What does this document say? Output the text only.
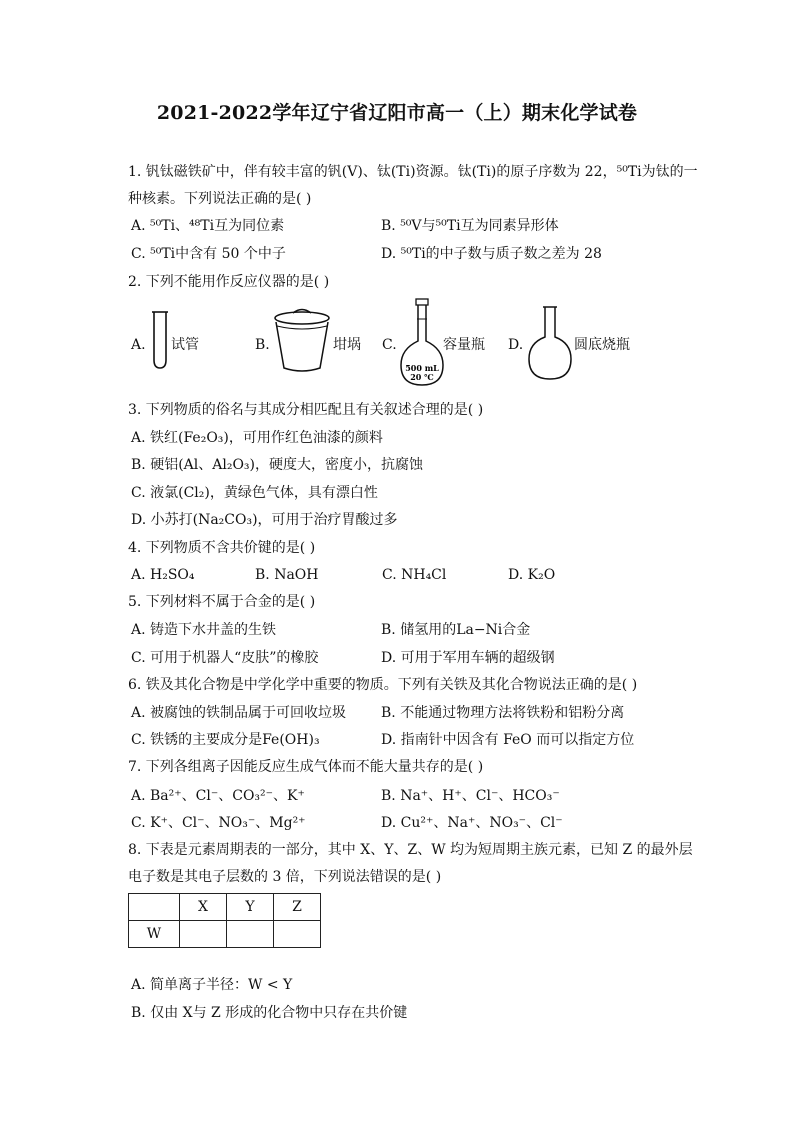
2021-2022学年辽宁省辽阳市高一（上）期末化学试卷
1. 钒钛磁铁矿中，伴有较丰富的钒(V)、钛(Ti)资源。钛(Ti)的原子序数为 22，⁵⁰Ti为钛的一
种核素。下列说法正确的是( )
A. ⁵⁰Ti、⁴⁸Ti互为同位素	B. ⁵⁰V与⁵⁰Ti互为同素异形体
C. ⁵⁰Ti中含有 50 个中子	D. ⁵⁰Ti的中子数与质子数之差为 28
2. 下列不能用作反应仪器的是( )
A. 试管	B.	坩埚 C.
500 mL
20 ℃
容量瓶 D.	圆底烧瓶
3. 下列物质的俗名与其成分相匹配且有关叙述合理的是( )
A. 铁红(Fe₂O₃)，可用作红色油漆的颜料
B. 硬铝(Al、Al₂O₃)，硬度大，密度小，抗腐蚀
C. 液氯(Cl₂)，黄绿色气体，具有漂白性
D. 小苏打(Na₂CO₃)，可用于治疗胃酸过多
4. 下列物质不含共价键的是( )
A. H₂SO₄	B. NaOH	C. NH₄Cl	D. K₂O
5. 下列材料不属于合金的是( )
A. 铸造下水井盖的生铁	B. 储氢用的La−Ni合金
C. 可用于机器人“皮肤”的橡胶	D. 可用于军用车辆的超级钢
6. 铁及其化合物是中学化学中重要的物质。下列有关铁及其化合物说法正确的是( )
A. 被腐蚀的铁制品属于可回收垃圾 B. 不能通过物理方法将铁粉和铝粉分离
C. 铁锈的主要成分是Fe(OH)₃	D. 指南针中因含有 FeO 而可以指定方位
7. 下列各组离子因能反应生成气体而不能大量共存的是( )
A. Ba²⁺、Cl⁻、CO₃²⁻、K⁺	B. Na⁺、H⁺、Cl⁻、HCO₃⁻
C. K⁺、Cl⁻、NO₃⁻、Mg²⁺	D. Cu²⁺、Na⁺、NO₃⁻、Cl⁻
8. 下表是元素周期表的一部分，其中 X、Y、Z、W 均为短周期主族元素，已知 Z 的最外层
电子数是其电子层数的 3 倍，下列说法错误的是( )
	X	Y	Z
W			
A. 简单离子半径：W < Y
B. 仅由 X与 Z 形成的化合物中只存在共价键
